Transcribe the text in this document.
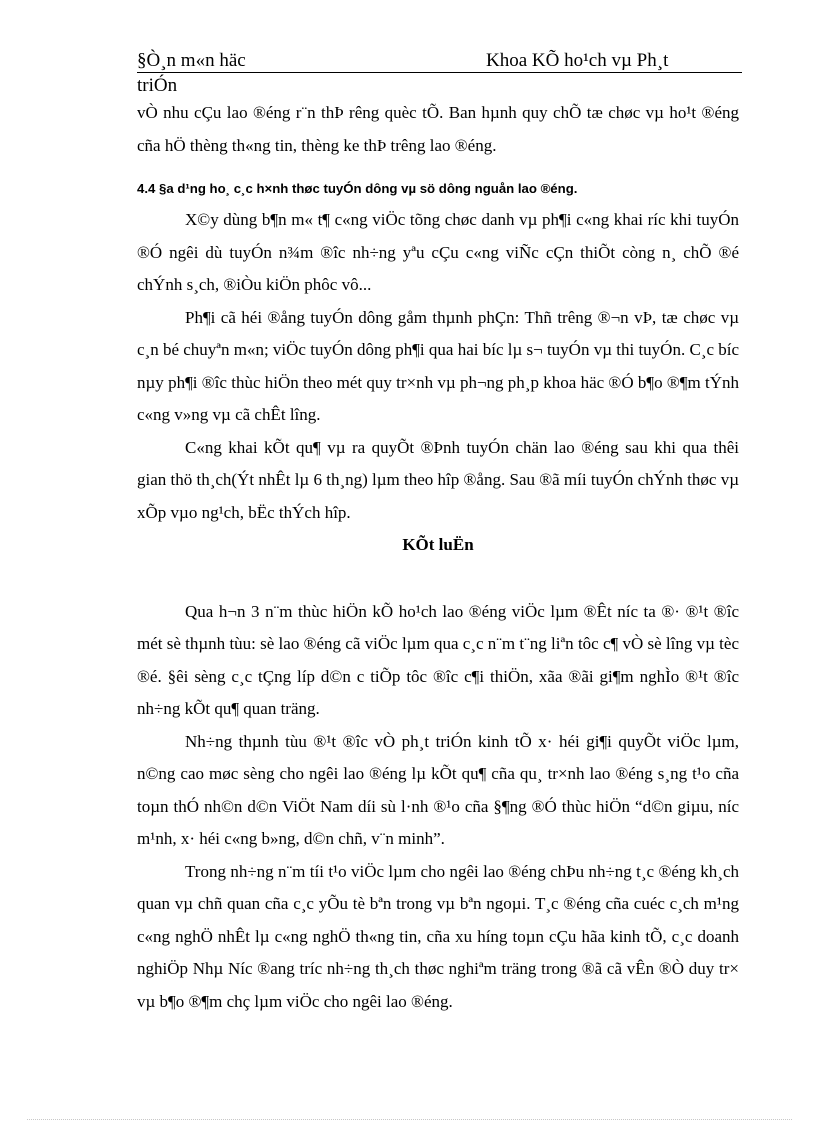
§Ò¸n m«n häc	Khoa KÕ ho¹ch vµ Ph¸t
triÓn

vÒ nhu cÇu lao ®éng r¨n thÞ rêng quèc tÕ. Ban hµnh quy chÕ tæ chøc vµ ho¹t ®éng cña hÖ thèng th«ng tin, thèng ke thÞ trêng lao ®éng.

4.4 §a d¹ng ho¸ c¸c h×nh thøc tuyÓn dông vµ sö dông nguån lao ®éng.

X©y dùng b¶n m« t¶ c«ng viÖc tõng chøc danh vµ ph¶i c«ng khai ríc khi tuyÓn ®Ó ngêi dù tuyÓn n¾m ®îc nh÷ng yªu cÇu c«ng viÑc cÇn thiÕt còng n¸ chÕ ®é chÝnh s¸ch, ®iÒu kiÖn phôc vô...

Ph¶i cã héi ®ång tuyÓn dông gåm thµnh phÇn: Thñ trêng ®¬n vÞ, tæ chøc vµ c¸n bé chuyªn m«n; viÖc tuyÓn dông ph¶i qua hai bíc lµ s¬ tuyÓn vµ thi tuyÓn. C¸c bíc nµy ph¶i ®îc thùc hiÖn theo mét quy tr×nh vµ ph¬ng ph¸p khoa häc ®Ó b¶o ®¶m tÝnh c«ng v»ng vµ cã chÊt lîng.

C«ng khai kÕt qu¶ vµ ra quyÕt ®Þnh tuyÓn chän lao ®éng sau khi qua thêi gian thö th¸ch(Ýt nhÊt lµ 6 th¸ng) lµm theo hîp ®ång. Sau ®ã míi tuyÓn chÝnh thøc vµ xÕp vµo ng¹ch, bËc thÝch hîp.

KÕt luËn

Qua h¬n 3 n¨m thùc hiÖn kÕ ho¹ch lao ®éng viÖc lµm ®Êt níc ta ®· ®¹t ®îc mét sè thµnh tùu: sè lao ®éng cã viÖc lµm qua c¸c n¨m t¨ng liªn tôc c¶ vÒ sè lîng vµ tèc ®é. §êi sèng c¸c tÇng líp d©n c tiÕp tôc ®îc c¶i thiÖn, xãa ®ãi gi¶m nghÌo ®¹t ®îc nh÷ng kÕt qu¶ quan träng.

Nh÷ng thµnh tùu ®¹t ®îc vÒ ph¸t triÓn kinh tÕ x· héi gi¶i quyÕt viÖc lµm, n©ng cao møc sèng cho ngêi lao ®éng lµ kÕt qu¶ cña qu¸ tr×nh lao ®éng s¸ng t¹o cña toµn thÓ nh©n d©n ViÖt Nam díi sù l·nh ®¹o cña §¶ng ®Ó thùc hiÖn “d©n giµu, níc m¹nh, x· héi c«ng b»ng, d©n chñ, v¨n minh”.

Trong nh÷ng n¨m tíi t¹o viÖc lµm cho ngêi lao ®éng chÞu nh÷ng t¸c ®éng kh¸ch quan vµ chñ quan cña c¸c yÕu tè bªn trong vµ bªn ngoµi. T¸c ®éng cña cuéc c¸ch m¹ng c«ng nghÖ nhÊt lµ c«ng nghÖ th«ng tin, cña xu híng toµn cÇu hãa kinh tÕ, c¸c doanh nghiÖp Nhµ Níc ®ang tríc nh÷ng th¸ch thøc nghiªm träng trong ®ã cã vÊn ®Ò duy tr× vµ b¶o ®¶m chç lµm viÖc cho ngêi lao ®éng.
